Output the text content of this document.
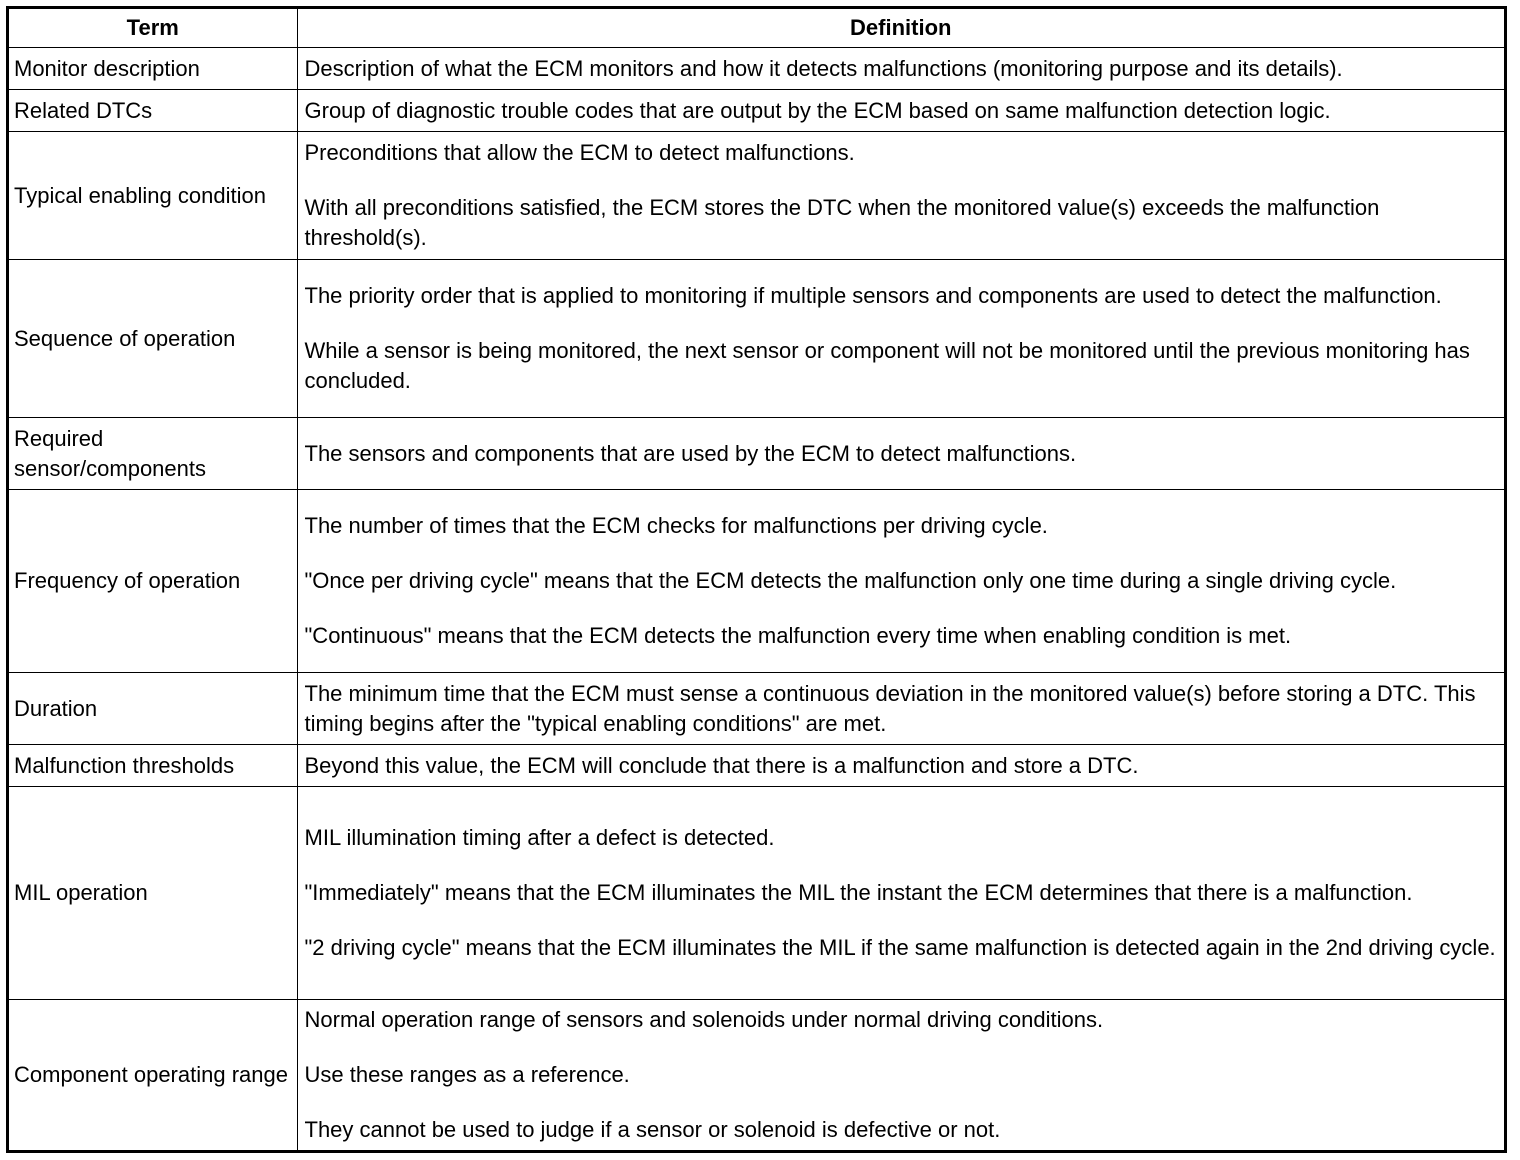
Term	Definition
Monitor description	Description of what the ECM monitors and how it detects malfunctions (monitoring purpose and its details).

Related DTCs	Group of diagnostic trouble codes that are output by the ECM based on same malfunction detection logic.

Typical enabling condition	Preconditions that allow the ECM to detect malfunctions.

With all preconditions satisfied, the ECM stores the DTC when the monitored value(s) exceeds the malfunction threshold(s).

Sequence of operation	The priority order that is applied to monitoring if multiple sensors and components are used to detect the malfunction.

While a sensor is being monitored, the next sensor or component will not be monitored until the previous monitoring has concluded.

Required sensor/components	The sensors and components that are used by the ECM to detect malfunctions.

Frequency of operation	The number of times that the ECM checks for malfunctions per driving cycle.

"Once per driving cycle" means that the ECM detects the malfunction only one time during a single driving cycle.

"Continuous" means that the ECM detects the malfunction every time when enabling condition is met.

Duration	The minimum time that the ECM must sense a continuous deviation in the monitored value(s) before storing a DTC. This timing begins after the "typical enabling conditions" are met.

Malfunction thresholds	Beyond this value, the ECM will conclude that there is a malfunction and store a DTC.

MIL operation	MIL illumination timing after a defect is detected.

"Immediately" means that the ECM illuminates the MIL the instant the ECM determines that there is a malfunction.

"2 driving cycle" means that the ECM illuminates the MIL if the same malfunction is detected again in the 2nd driving cycle.

Component operating range	Normal operation range of sensors and solenoids under normal driving conditions.

Use these ranges as a reference.

They cannot be used to judge if a sensor or solenoid is defective or not.
